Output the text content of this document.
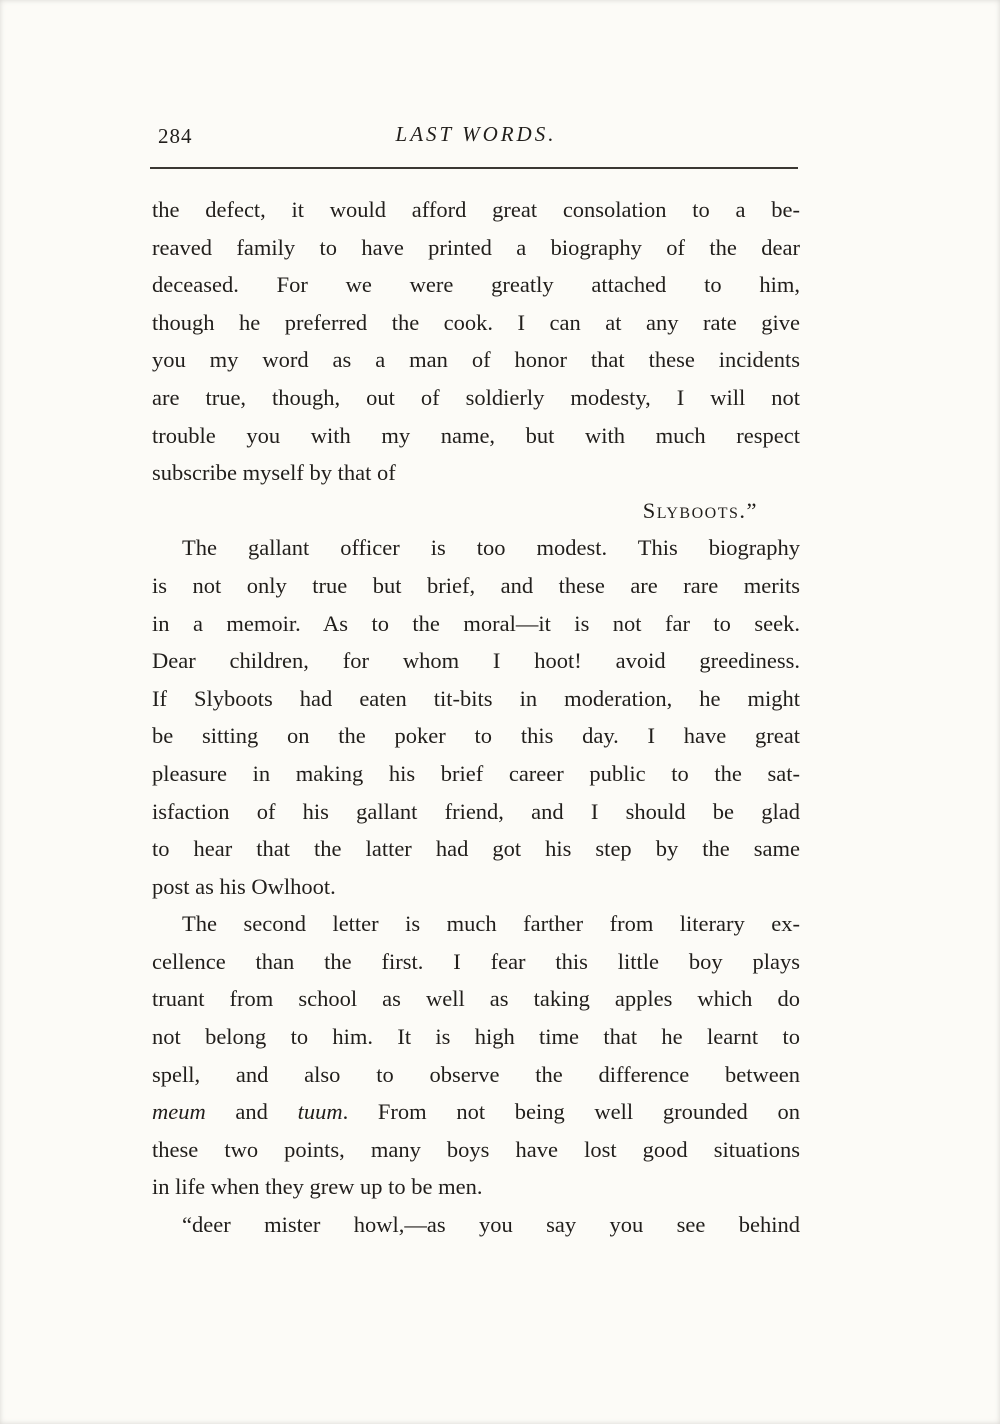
284	LAST WORDS.
the defect, it would afford great consolation to a be-
reaved family to have printed a biography of the dear
deceased. For we were greatly attached to him,
though he preferred the cook. I can at any rate give
you my word as a man of honor that these incidents
are true, though, out of soldierly modesty, I will not
trouble you with my name, but with much respect
subscribe myself by that of
Slyboots.”
The gallant officer is too modest. This biography
is not only true but brief, and these are rare merits
in a memoir. As to the moral—it is not far to seek.
Dear children, for whom I hoot! avoid greediness.
If Slyboots had eaten tit-bits in moderation, he might
be sitting on the poker to this day. I have great
pleasure in making his brief career public to the sat-
isfaction of his gallant friend, and I should be glad
to hear that the latter had got his step by the same
post as his Owlhoot.
The second letter is much farther from literary ex-
cellence than the first. I fear this little boy plays
truant from school as well as taking apples which do
not belong to him. It is high time that he learnt to
spell, and also to observe the difference between
meum and tuum. From not being well grounded on
these two points, many boys have lost good situations
in life when they grew up to be men.
“deer mister howl,—as you say you see behind
